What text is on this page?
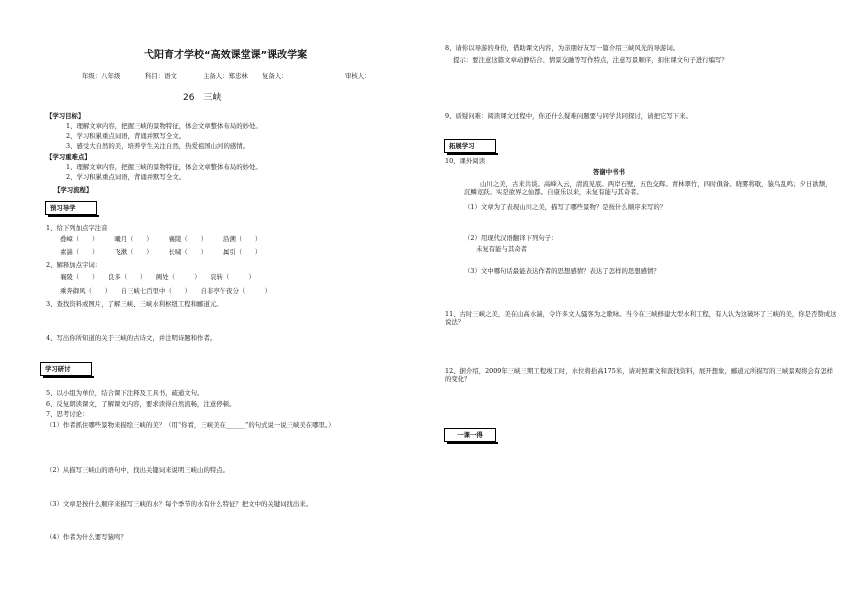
弋阳育才学校“高效课堂课”课改学案
年级：八年级	科目：语文	主备人：郑忠林 复备人：	审核人：
26　三峡
【学习目标】
1、理解文章内容，把握三峡的景物特征，体会文章整体布局的妙处。
2、学习积累重点词语，背诵并默写全文。
3、感受大自然的美，培养学生关注自然，热爱祖国山河的感情。
【学习重难点】
1、理解文章内容，把握三峡的景物特征，体会文章整体布局的妙处。
2、学习积累重点词语，背诵并默写全文。
【学习流程】
预习导学
1、给下列加点字注音
叠嶂（　　）　　　曦月（　　）　　　襄陵（　　）　　　沿溯（　　）
素湍（　　）　　　飞漱（　　）　　　长啸（　　）　　　属引（　　）
2、解释加点字词：
襄陵（　　）　　良多（　　）　　阙处（　　　）　　哀转（　　　）
乘奔御风（　　）　　自三峡七百里中（　　）　　自非亭午夜分（　　　）
3、查找资料或图片，了解三峡、三峡水利枢纽工程和郦道元。
4、写出你所知道的关于三峡的古诗文，并注明诗题和作者。
学习研讨
5、以小组为单位，结合课下注释及工具书，疏通文句。
6、反复朗读课文，了解课文内容，要求读得自然流畅，注意停顿。
7、思考讨论：
（1）作者抓住哪些景物来描绘三峡的美？（用“你看，三峡美在______”的句式说一说三峡美在哪里。）
（2）从描写三峡山的语句中，找出关键词来说明三峡山的特点。
（3）文章是按什么顺序来描写三峡的水？每个季节的水有什么特征？把文中的关键词找出来。
（4）作者为什么要写猿鸣？
8、请你以导游的身份，借助课文内容，为亲朋好友写一篇介绍三峡风光的导游词。
提示：要注意这篇文章动静结合、情景交融等写作特点，注意写景顺序，扣住课文句子进行编写？
9、质疑问难：阅读课文过程中，你还什么疑难问题要与同学共同探讨，请把它写下来。
拓展学习
10、课外阅读
答谢中书书
山川之美，古来共谈。高峰入云，清流见底。两岸石壁，五色交辉。青林翠竹，四时俱备。晓雾将歇，猿鸟乱鸣；夕日欲颓，沉鳞竞跃。实是欲界之仙都。自康乐以来，未复有能与其奇者。
（1）文章为了表现山川之美，描写了哪些景物？是按什么顺序来写的？
（2）用现代汉语翻译下列句子：
未复有能与其奇者
（3）文中哪句话最能表达作者的思想感情？表达了怎样的思想感情？
11、古时三峡之美，美在山高水湍，令许多文人骚客为之歌咏。当今在三峡修建大型水利工程，有人认为这破坏了三峡的美，你是否赞成这说法？
12、据介绍，2009年三峡三期工程竣工时，水位将抬高175米，请对照课文和查找资料，展开想象，郦道元所描写的三峡景观将会有怎样的变化？
一课一得
